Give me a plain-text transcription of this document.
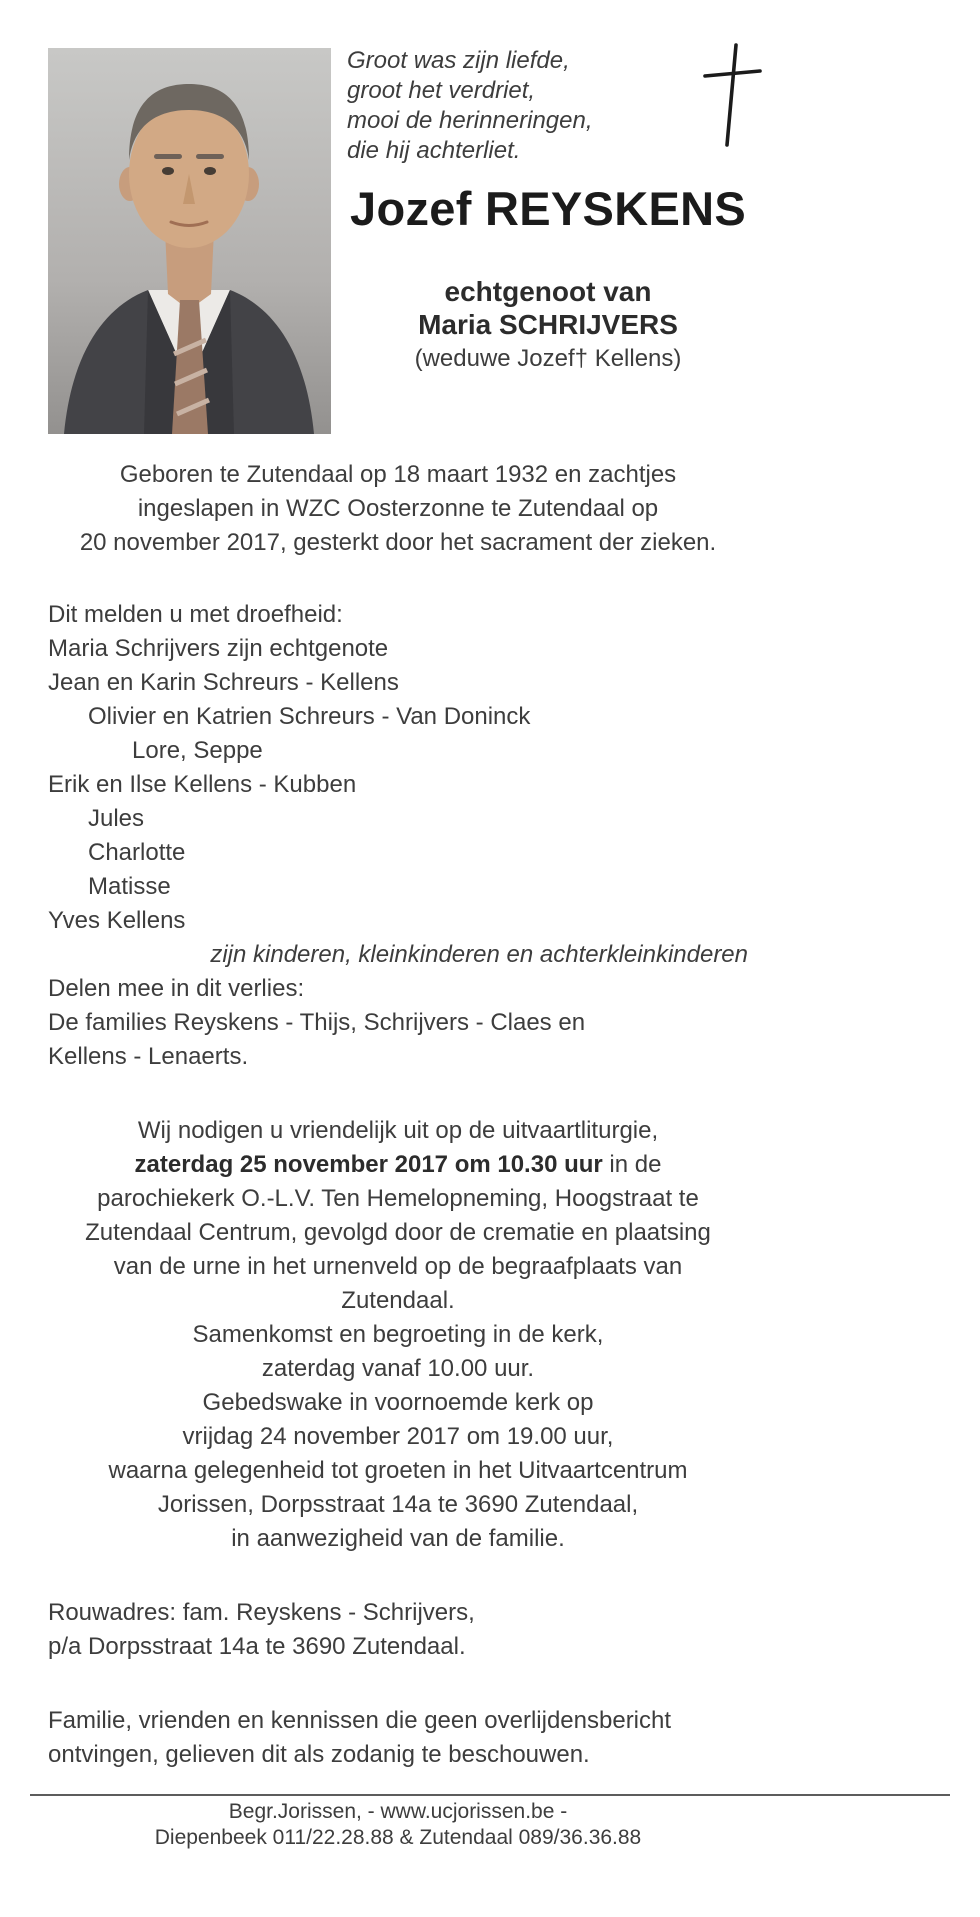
Groot was zijn liefde,
groot het verdriet,
mooi de herinneringen,
die hij achterliet.
Jozef REYSKENS
echtgenoot van
Maria SCHRIJVERS
(weduwe Jozef† Kellens)
Geboren te Zutendaal op 18 maart 1932 en zachtjes
ingeslapen in WZC Oosterzonne te Zutendaal op
20 november 2017, gesterkt door het sacrament der zieken.
Dit melden u met droefheid:
Maria Schrijvers zijn echtgenote
Jean en Karin Schreurs - Kellens
Olivier en Katrien Schreurs - Van Doninck
Lore, Seppe
Erik en Ilse Kellens - Kubben
Jules
Charlotte
Matisse
Yves Kellens
zijn kinderen, kleinkinderen en achterkleinkinderen
Delen mee in dit verlies:
De families Reyskens - Thijs, Schrijvers - Claes en
Kellens - Lenaerts.
Wij nodigen u vriendelijk uit op de uitvaartliturgie,
zaterdag 25 november 2017 om 10.30 uur in de
parochiekerk O.-L.V. Ten Hemelopneming, Hoogstraat te
Zutendaal Centrum, gevolgd door de crematie en plaatsing
van de urne in het urnenveld op de begraafplaats van
Zutendaal.
Samenkomst en begroeting in de kerk,
zaterdag vanaf 10.00 uur.
Gebedswake in voornoemde kerk op
vrijdag 24 november 2017 om 19.00 uur,
waarna gelegenheid tot groeten in het Uitvaartcentrum
Jorissen, Dorpsstraat 14a te 3690 Zutendaal,
in aanwezigheid van de familie.
Rouwadres: fam. Reyskens - Schrijvers,
p/a Dorpsstraat 14a te 3690 Zutendaal.
Familie, vrienden en kennissen die geen overlijdensbericht
ontvingen, gelieven dit als zodanig te beschouwen.
Begr.Jorissen, - www.ucjorissen.be -
Diepenbeek 011/22.28.88 & Zutendaal 089/36.36.88
